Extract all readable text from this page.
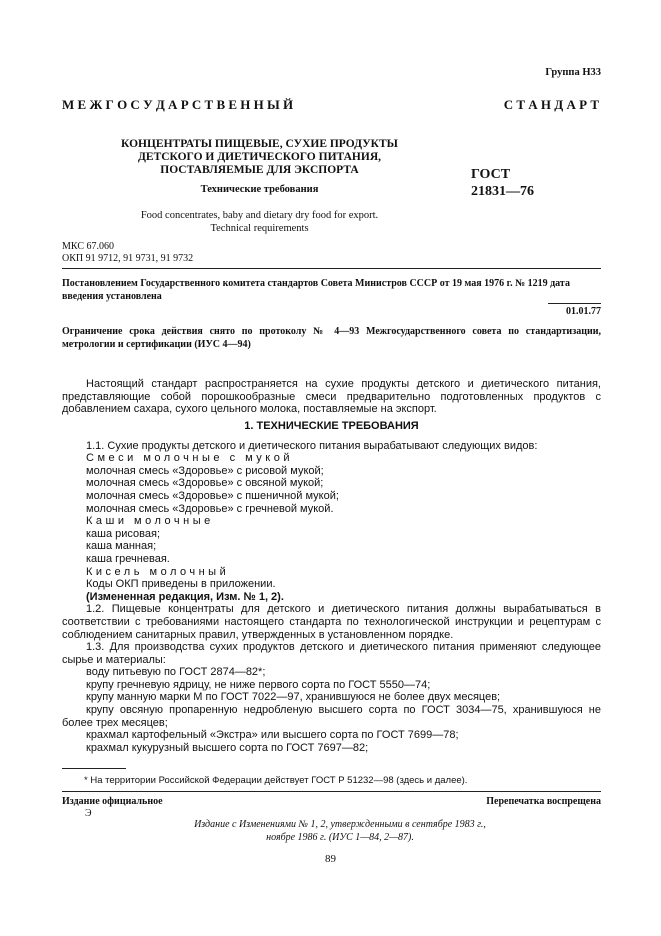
Группа Н33
М Е Ж Г О С У Д А Р С Т В Е Н Н Ы Й	С Т А Н Д А Р Т
КОНЦЕНТРАТЫ ПИЩЕВЫЕ, СУХИЕ ПРОДУКТЫ
ДЕТСКОГО И ДИЕТИЧЕСКОГО ПИТАНИЯ,
ПОСТАВЛЯЕМЫЕ ДЛЯ ЭКСПОРТА
Технические требования
Food concentrates, baby and dietary dry food for export.
Technical requirements
ГОСТ
21831—76
МКС 67.060
ОКП 91 9712, 91 9731, 91 9732
Постановлением Государственного комитета стандартов Совета Министров СССР от 19 мая 1976 г. № 1219 дата введения установлена
01.01.77
Ограничение срока действия снято по протоколу № 4—93 Межгосударственного совета по стандартизации, метрологии и сертификации (ИУС 4—94)

Настоящий стандарт распространяется на сухие продукты детского и диетического питания, представляющие собой порошкообразные смеси предварительно подготовленных продуктов с добавлением сахара, сухого цельного молока, поставляемые на экспорт.

1. ТЕХНИЧЕСКИЕ ТРЕБОВАНИЯ

1.1. Сухие продукты детского и диетического питания вырабатывают следующих видов:

Смеси молочные с мукой

молочная смесь «Здоровье» с рисовой мукой;

молочная смесь «Здоровье» с овсяной мукой;

молочная смесь «Здоровье» с пшеничной мукой;

молочная смесь «Здоровье» с гречневой мукой.

Каши молочные

каша рисовая;

каша манная;

каша гречневая.

Кисель молочный

Коды ОКП приведены в приложении.

(Измененная редакция, Изм. № 1, 2).

1.2. Пищевые концентраты для детского и диетического питания должны вырабатываться в соответствии с требованиями настоящего стандарта по технологической инструкции и рецептурам с соблюдением санитарных правил, утвержденных в установленном порядке.

1.3. Для производства сухих продуктов детского и диетического питания применяют следующее сырье и материалы:

воду питьевую по ГОСТ 2874—82*;

крупу гречневую ядрицу, не ниже первого сорта по ГОСТ 5550—74;

крупу манную марки М по ГОСТ 7022—97, хранившуюся не более двух месяцев;

крупу овсяную пропаренную недробленую высшего сорта по ГОСТ 3034—75, хранившуюся не более трех месяцев;

крахмал картофельный «Экстра» или высшего сорта по ГОСТ 7699—78;

крахмал кукурузный высшего сорта по ГОСТ 7697—82;

* На территории Российской Федерации действует ГОСТ Р 51232—98 (здесь и далее).
Издание официальное
Э
Перепечатка воспрещена
Издание с Изменениями № 1, 2, утвержденными в сентябре 1983 г.,
ноябре 1986 г. (ИУС 1—84, 2—87).
89
